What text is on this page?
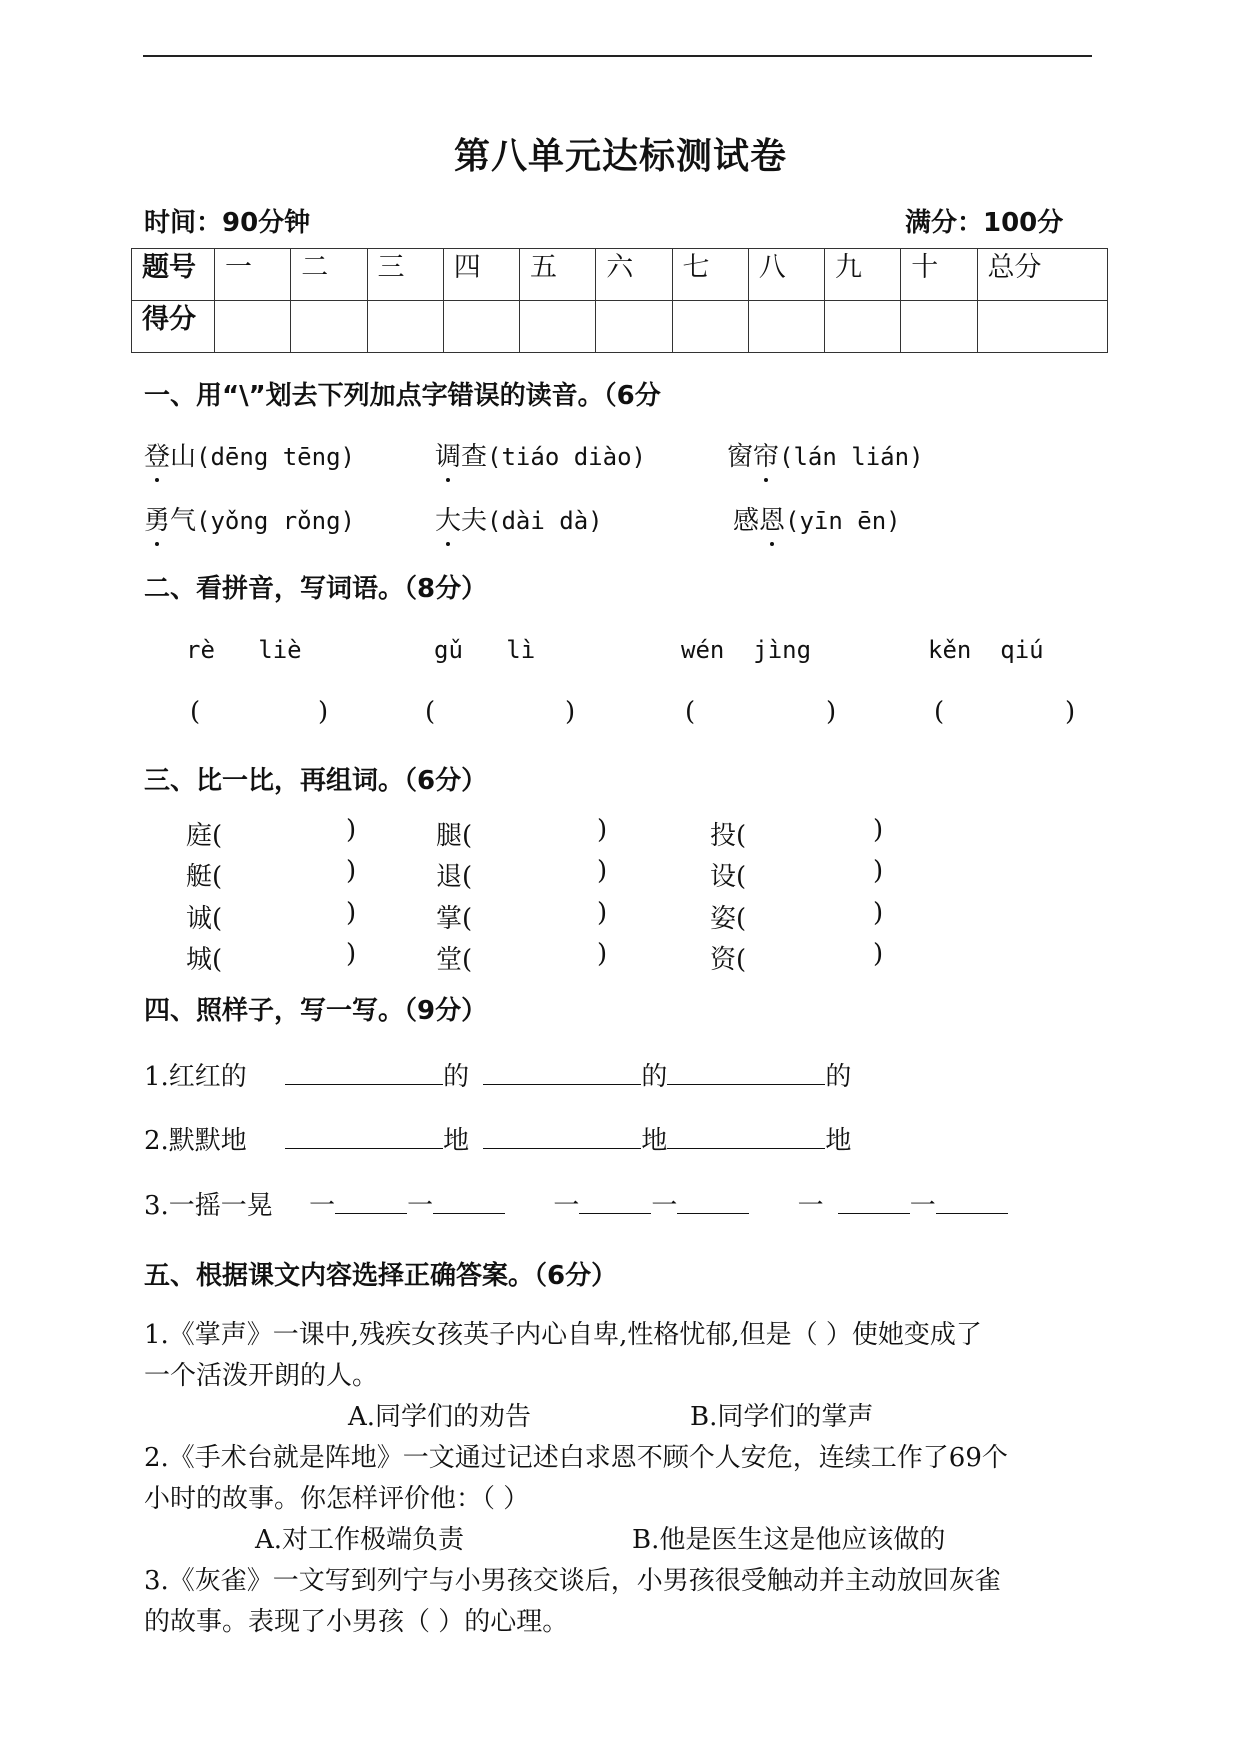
第八单元达标测试卷
时间：90分钟	满分：100分
题号	一	二	三	四	五	六	七	八	九	十	总分
得分											
一、用“\”划去下列加点字错误的读音。（6分
登山(dēng tēng)	调查(tiáo diào)	窗帘(lán lián)
勇气(yǒng rǒng)	大夫(dài dà)	感恩(yīn ēn)
二、看拼音，写词语。（8分）
rè   liè	gǔ   lì	wén  jìng	kěn  qiú
(	)	(	)	(	)	(	)
三、比一比，再组词。（6分）
庭(	)	腿(	)	投(	)
艇(	)	退(	)	设(	)
诚(	)	掌(	)	姿(	)
城(	)	堂(	)	资(	)
四、照样子，写一写。（9分）
1.红红的	的	的	的
2.默默地	地	地	地
3.一摇一晃 一	一	一	一	一	一
五、根据课文内容选择正确答案。（6分）
1.《掌声》一课中,残疾女孩英子内心自卑,性格忧郁,但是（ ）使她变成了
一个活泼开朗的人。
A.同学们的劝告	B.同学们的掌声
2.《手术台就是阵地》一文通过记述白求恩不顾个人安危，连续工作了69个
小时的故事。你怎样评价他：（ ）
A.对工作极端负责	B.他是医生这是他应该做的
3.《灰雀》一文写到列宁与小男孩交谈后，小男孩很受触动并主动放回灰雀
的故事。表现了小男孩（ ）的心理。
